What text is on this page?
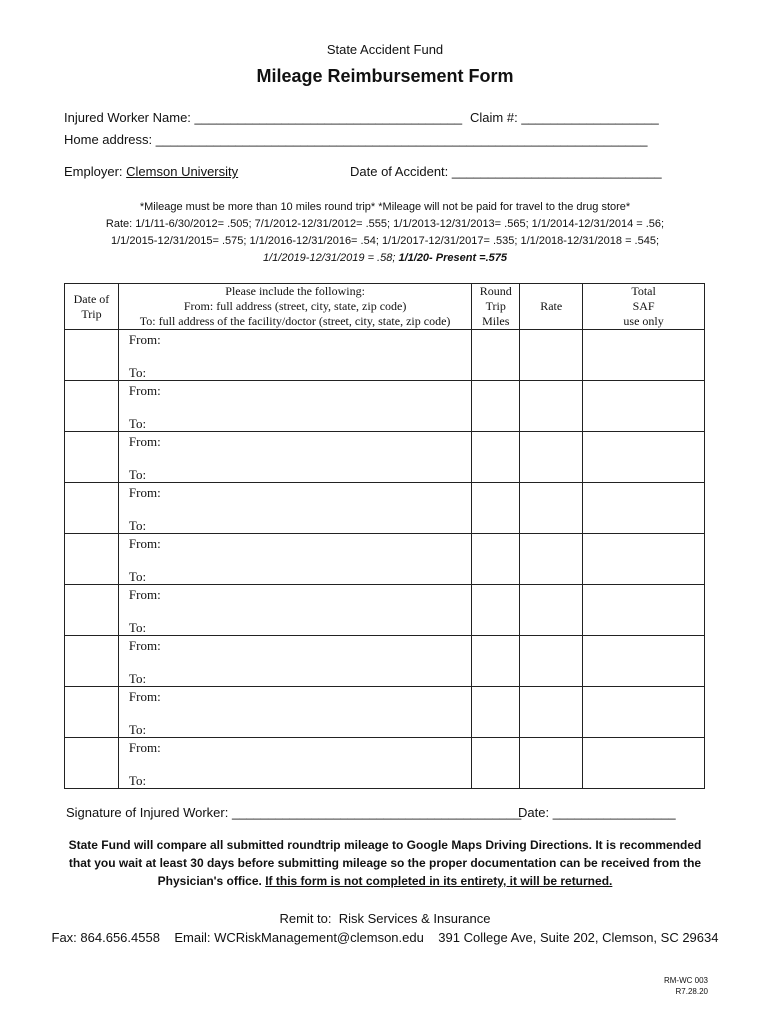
State Accident Fund
Mileage Reimbursement Form
Injured Worker Name: _____________________________________ Claim #: ___________________
Home address: ____________________________________________________________________
Employer: Clemson University	Date of Accident: _____________________________
*Mileage must be more than 10 miles round trip* *Mileage will not be paid for travel to the drug store*
Rate: 1/1/11-6/30/2012= .505; 7/1/2012-12/31/2012= .555; 1/1/2013-12/31/2013= .565; 1/1/2014-12/31/2014 = .56;
1/1/2015-12/31/2015= .575; 1/1/2016-12/31/2016= .54; 1/1/2017-12/31/2017= .535; 1/1/2018-12/31/2018 = .545;
1/1/2019-12/31/2019 = .58; 1/1/20- Present =.575
Date of
Trip	Please include the following:
From: full address (street, city, state, zip code)
To: full address of the facility/doctor (street, city, state, zip code)	Round
Trip
Miles	Rate	Total
SAF
use only

	From:
To:			

	From:
To:			

	From:
To:			

	From:
To:			

	From:
To:			

	From:
To:			

	From:
To:			

	From:
To:			

	From:
To:			

Signature of Injured Worker: ________________________________________
Date: _________________
State Fund will compare all submitted roundtrip mileage to Google Maps Driving Directions. It is recommended
that you wait at least 30 days before submitting mileage so the proper documentation can be received from the
Physician's office. If this form is not completed in its entirety, it will be returned.
Remit to: Risk Services & Insurance
Fax: 864.656.4558 Email: WCRiskManagement@clemson.edu 391 College Ave, Suite 202, Clemson, SC 29634
RM-WC 003
R7.28.20
